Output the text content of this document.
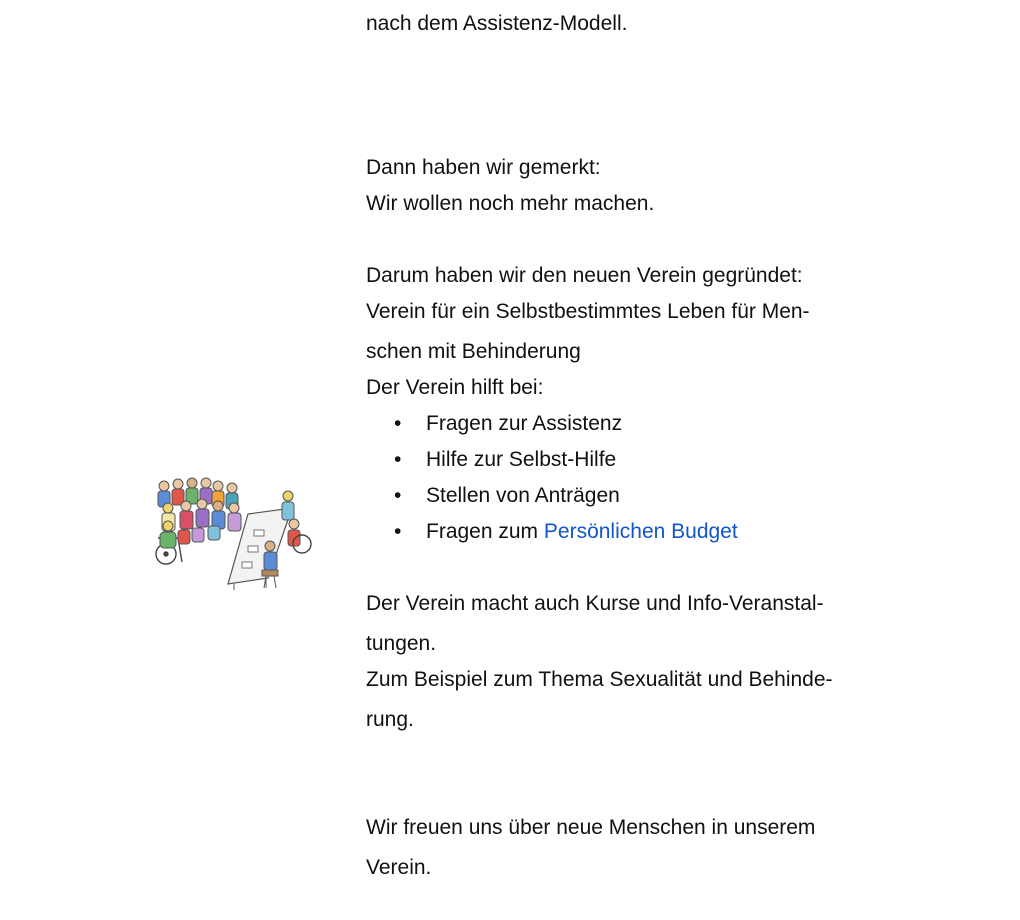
nach dem Assistenz-Modell.
Dann haben wir gemerkt:
Wir wollen noch mehr machen.
Darum haben wir den neuen Verein gegründet:
Verein für ein Selbstbestimmtes Leben für Men-
schen mit Behinderung
Der Verein hilft bei:
• Fragen zur Assistenz
• Hilfe zur Selbst-Hilfe
• Stellen von Anträgen
• Fragen zum Persönlichen Budget
Der Verein macht auch Kurse und Info-Veranstal-
tungen.
Zum Beispiel zum Thema Sexualität und Behinde-
rung.
Wir freuen uns über neue Menschen in unserem
Verein.
